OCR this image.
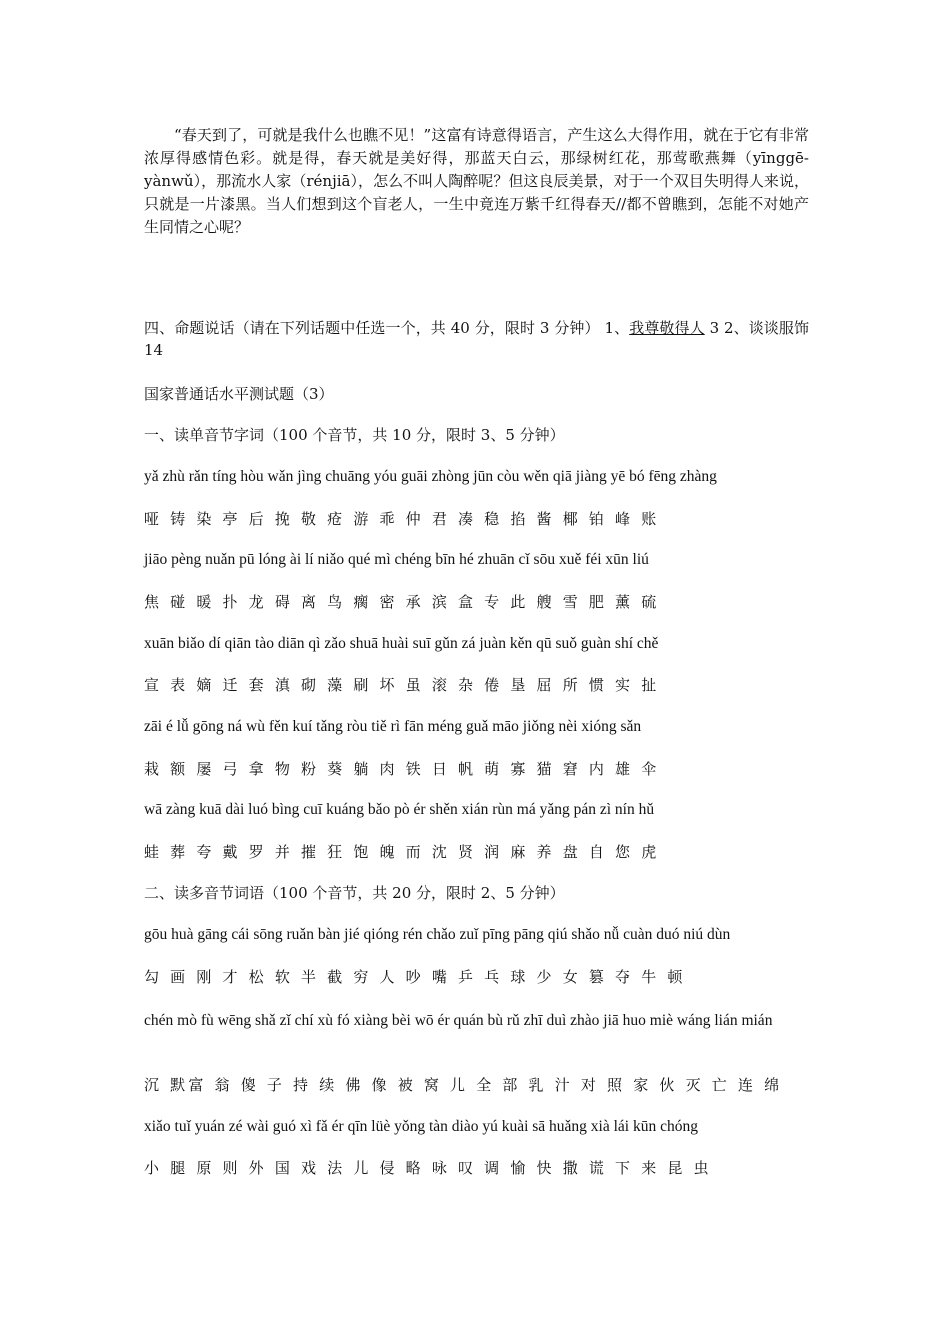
“春天到了，可就是我什么也瞧不见！”这富有诗意得语言，产生这么大得作用，就在于它有非常浓厚得感情色彩。就是得，春天就是美好得，那蓝天白云，那绿树红花，那莺歌燕舞（yīnggē-yànwǔ），那流水人家（rénjiā），怎么不叫人陶醉呢？但这良辰美景，对于一个双目失明得人来说，只就是一片漆黑。当人们想到这个盲老人，一生中竟连万紫千红得春天//都不曾瞧到，怎能不对她产生同情之心呢？

四、命题说话（请在下列话题中任选一个，共 40 分，限时 3 分钟） 1、我尊敬得人 3 2、谈谈服饰 14

国家普通话水平测试题（3）

一、读单音节字词（100 个音节，共 10 分，限时 3、5 分钟）

yǎ zhù rǎn tíng hòu wǎn jìng chuāng yóu guāi zhòng jūn còu wěn qiā jiàng yē bó fēng zhàng

哑 铸 染 亭 后 挽 敬 疮 游 乖 仲 君 凑 稳 掐 酱 椰 铂 峰 账

jiāo pèng nuǎn pū lóng ài lí niǎo qué mì chéng bīn hé zhuān cǐ sōu xuě féi xūn liú

焦 碰 暖 扑 龙 碍 离 鸟 瘸 密 承 滨 盒 专 此 艘 雪 肥 薰 硫

xuān biǎo dí qiān tào diān qì zǎo shuā huài suī gǔn zá juàn kěn qū suǒ guàn shí chě

宣 表 嫡 迁 套 滇 砌 藻 刷 坏 虽 滚 杂 倦 垦 屈 所 惯 实 扯

zāi é lǚ gōng ná wù fěn kuí tǎng ròu tiě rì fān méng guǎ māo jiǒng nèi xióng sǎn

栽 额 屡 弓 拿 物 粉 葵 躺 肉 铁 日 帆 萌 寡 猫 窘 内 雄 伞

wā zàng kuā dài luó bìng cuī kuáng bǎo pò ér shěn xián rùn má yǎng pán zì nín hǔ

蛙 葬 夸 戴 罗 并 摧 狂 饱 魄 而 沈 贤 润 麻 养 盘 自 您 虎

二、读多音节词语（100 个音节，共 20 分，限时 2、5 分钟）

gōu huà gāng cái sōng ruǎn bàn jié qióng rén chǎo zuǐ pīng pāng qiú shǎo nǚ cuàn duó niú dùn

勾 画 刚 才 松 软 半 截 穷 人 吵 嘴 乒 乓 球 少 女 篡 夺 牛 顿

chén mò fù wēng shǎ zǐ chí xù fó xiàng bèi wō ér quán bù rǔ zhī duì zhào jiā huo miè wáng lián mián

沉 默富 翁 傻 子 持 续 佛 像 被 窝 儿 全 部 乳 汁 对 照 家 伙 灭 亡 连 绵

xiǎo tuǐ yuán zé wài guó xì fǎ ér qīn lüè yǒng tàn diào yú kuài sā huǎng xià lái kūn chóng

小 腿 原 则 外 国 戏 法 儿 侵 略 咏 叹 调 愉 快 撒 谎 下 来 昆 虫
